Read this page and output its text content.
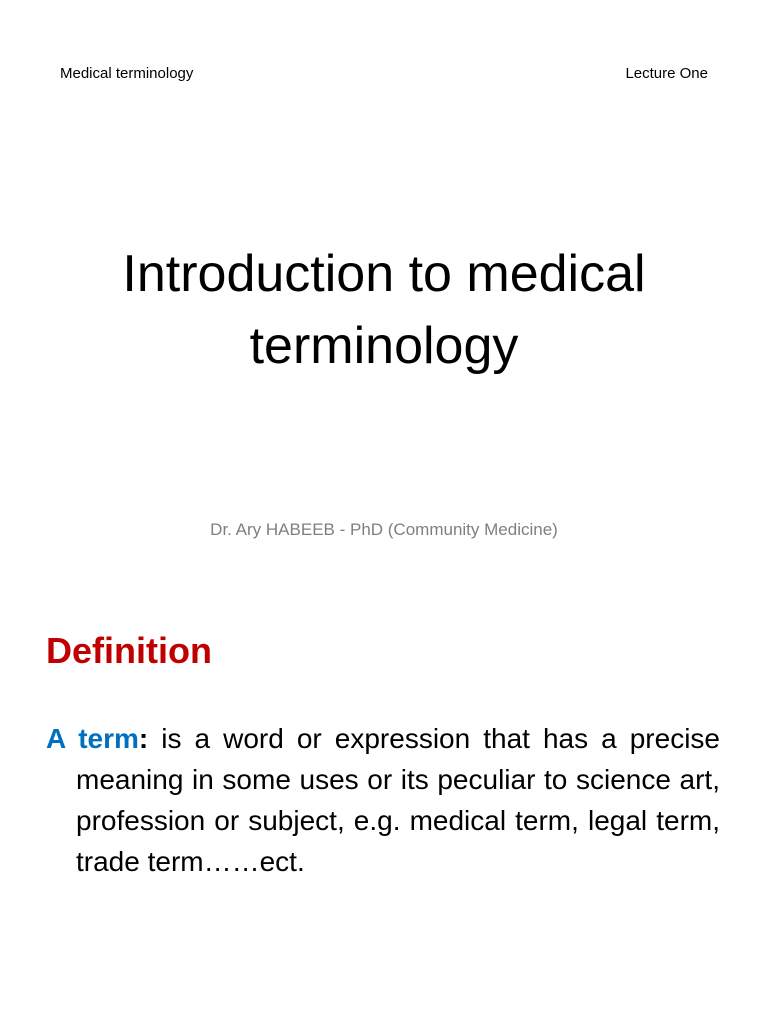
Medical terminology	Lecture One
Introduction to medical
terminology
Dr. Ary HABEEB - PhD (Community Medicine)
Definition
A term: is a word or expression that has a precise meaning in some uses or its peculiar to science art, profession or subject, e.g. medical term, legal term, trade term……ect.
